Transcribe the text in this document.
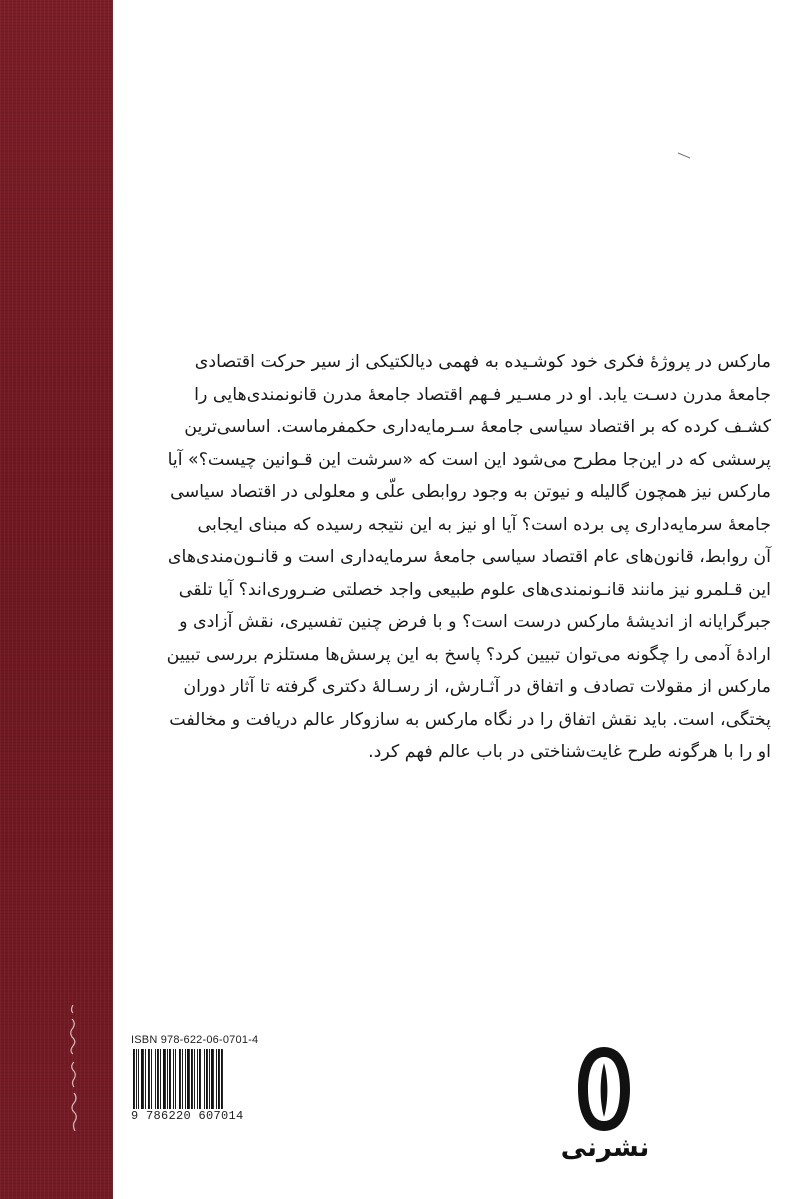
مارکس در پروژهٔ فکری خود کوشـیده به فهمی دیالکتیکی از سیر حرکت اقتصادی

جامعهٔ مدرن دسـت یابد. او در مسـیر فـهم اقتصاد جامعهٔ مدرن قانونمندی‌هایی را

کشـف کرده که بر اقتصاد سیاسی جامعهٔ سـرمایه‌داری حکمفرماست. اساسی‌ترین

پرسشی که در این‌جا مطرح می‌شود این است که «سرشت این قـوانین چیست؟» آیا

مارکس نیز همچون گالیله و نیوتن به وجود روابطی علّی و معلولی در اقتصاد سیاسی

جامعهٔ سرمایه‌داری پی برده است؟ آیا او نیز به این نتیجه رسیده که مبنای ایجابی

آن روابط، قانون‌های عام اقتصاد سیاسی جامعهٔ سرمایه‌داری است و قانـون‌مندی‌های

این قـلمرو نیز مانند قانـونمندی‌های علوم طبیعی واجد خصلتی ضـروری‌اند؟ آیا تلقی

جبرگرایانه از اندیشهٔ مارکس درست است؟ و با فرض چنین تفسیری، نقش آزادی و

ارادهٔ آدمی را چگونه می‌توان تبیین کرد؟ پاسخ به این پرسش‌ها مستلزم بررسی تبیین

مارکس از مقولات تصادف و اتفاق در آثـارش، از رسـالهٔ دکتری گرفته تا آثار دوران

پختگی، است. باید نقش اتفاق را در نگاه مارکس به سازوکار عالم دریافت و مخالفت

او را با هرگونه طرح غایت‌شناختی در باب عالم فهم کرد.

ISBN 978-622-06-0701-4
9 786220 607014
نشرنی
